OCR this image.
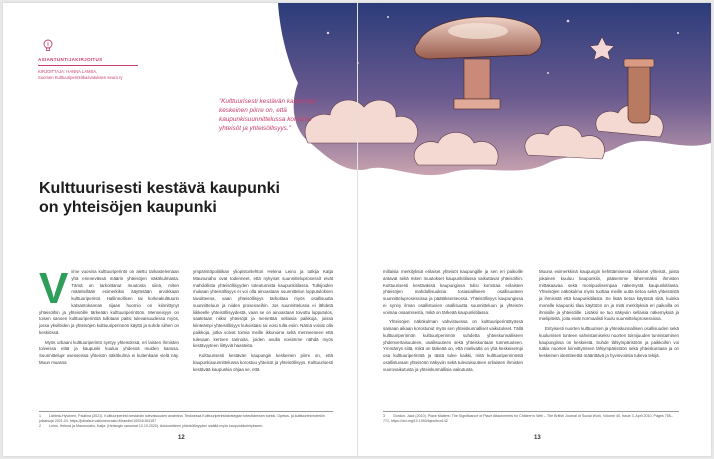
ASIANTUNTIJAKIRJOITUS
KIRJOITTAJA: HANNA LAMSA,
Suomen Kulttuuriperintökasvatuksen seura ry
”Kulttuurisesti kestävän kaupungin keskeinen piirre on, että kaupunkisuunnittelussa korostuu yhteisöt ja yhteisöllisyys.”
Kulttuurisesti kestävä kaupunki
on yhteisöjen kaupunki
V iime vuosina kulttuuriperintö on alettu tarkastelemaan yhä enenevässä määrin yhteisöjen näkökulmasta. Tämä on tarkoittanut muutosta siinä, miten määritellään esimerkiksi ääyttetään arvokkaan kulttuuriperintö. Hallinnollisen tai korkeakulttuurin katsantokannan sijaan huomio on kiinnittynyt yhteisöihin ja yhteisöille tärkeään kulttuuriperintöön. Menneisyys on toisen sanoen kulttuuriperintöä tulkitaan paitsi tulevaisuudessa myös, jossa yksilöiden ja yhteisöjen kulttuuriperinnön käyttö ja suhde siihen on keskiössä.

Myös urbaani kulttuuriperintö syntyy yhteisöissä, eri laisten ihmisten toiveissa elää ja kaupunki kuuluu yhdessä muiden kanssa. Suunnittelupr osesseissa yhteisön näkökulma ei kuitenkaan vielä näy. Muun muassa

ympäristöpolitiikan yliopistonlehtori Helena Leino ja tutkija Katja Maununaho ovat todenneet, että nykyiset suunnitteluprosessit eivät mahdollista yhteisöllisyyden toteutumista kaupunkitilassa. Tutkijoiden mukaan yhteisöllisyys ei voi olla ainoastaan suunnittelun lopputuloksen tavoitteena, vaan yhteisöllisyys tarkoittaa myös osallisuutta suunnitteluun ja niiden prosesseihin. Jos suunnittelussa ei lähdetä liikkeelle yhteisöllisyydestä, vaan se on ainoastaan toivottu lopputulos, saatetaan niiksi yhteisöjä ja menettää sellaisia paikkoja, joissa kiinteämpi yhteisöllisyys kukoistaisi tai voisi tulla esiin. Nämä voivat olla paikkoja, jotka voivat toimia meille ikkunoina sekä menneeseen että tulevaan kertoen tarinoita, joiden avulla voisimme nähdä myös kestävyyteen liittyviä haasteita.

Kulttuurisesti kestävän kaupungin keskeinen piirre on, että kaupunkisuunnittelussa korostuu yhteisöt ja yhteisöllisyys. Kulttuurisesti kestävää kaupunkia ohjaa se, että

1 Lahtela-Hyvönen, Pauliina (2021). Kulttuuriperintö kestävän tulevaisuuden avaimina. Teoksessa Kulttuuriperintöstrategian toteuttamisen tueksi. Opetus- ja kulttuuriministeriön julkaisuja 2021:24. https://julkaisut.valtioneuvosto.fi/handle/10024/163157
2 Leino, Helena ja Maununaho, Katja. (Helsingin sanomat 12.10.2020). Ankkuretteen yhteisöllisyyden sisältä myös kaupunkikehitykseen.
12

millaisia merkityksiä erilaiset yhteisöt kaupungille ja sen eri paikoille antavat sekä miten muutokset kaupunkitilassa vaikuttavat yhteisöihin. Kulttuurisesti kestävässä kaupungissa tulisi korostaa erilaisten yhteisöjen mahdollisuuksia tosiasialliseen osallisuuteen suunnitteluprosessissa ja päätöksenteossa. Yhteisöllisyys kaupungissa ei synny ilman osallistuvien osallisuutta suunnitteluun ja yhteisön voimaa osaamisesta, mikä on tärkeää kaupunkitilassa.

Yhteisöjen näkökulman vahvistuessa on kulttuuriperintötyössä samaan aikaan korostunut myös sen yhteiskunnalliset vaikutukset. Tällä kulttuuriperinnön kulttuuriperinnön suhdetta yhteiskunnalliseen yhdenvertaisuuteen, osallisuuteen sekä yhteiskuntaan tunnetuuteen. Ymmärrys siitä, mikä on tärkeää on, että mielivalta on yhä keskeisempi osa kulttuuriperintöä ja tästä tulee kaikki, mitä kulttuuriperinnöstä osallistuvaan yhteisöön näkyviin sekä tulevaisuuteen erilaisten ihmisten vuorovaikutusta ja yhteiskunnallisia vaikutusta.

Muuna esimerkkinä kaupungin kehittämisessä erilaiset yhteisöt, joista jokainen kuuluu kaupunkiin, pääsemme lähemmäksi ihmisten mittakaavaa sekä monipuolisempaa näkemystä kaupunkitilasta. Yhteisöjen näkökulma myös tuottaa meille uutta tietoa sekä yhteisöistä ja ihmisistä että kaupunkitilasta. Se lisää tietoa käytöstä siitä, kuinka monelle kaupunki tilaa käyttöön on ja mitä merkityksiä eri paikoilla on ihmisille ja yhteisöille. Lisäksi se tuo näkyviin sellaisia näkemyksiä ja mielipiteitä, joita eivät normaalisti kuulu suunnitteluprosessissa.

Erityisesti nuorten kulttuurisen ja yhteiskunnallisen osallisuuden sekä kuulumisen tunteen vahvistamiseksi nuorten toimijuuden tunnistaminen kaupungissa on keskeistä. Suhde lähiympäristöön ja paikkoihin voi tutkia nuorten kiinnittymisen lähiympäristöön sekä yhteiskuntaan ja on keskeinen identiteettiä määrittävä ja hyvinvointia tukeva tekijä.

3 Gordon, Jack (2010). Place Matters: The Significance of Place Attachments for Children’s Well – The British Journal of Social Work, Volume 40, Issue 3, April 2010, Pages 755–771, https://doi.org/10.1093/bjsw/bcn142
13
